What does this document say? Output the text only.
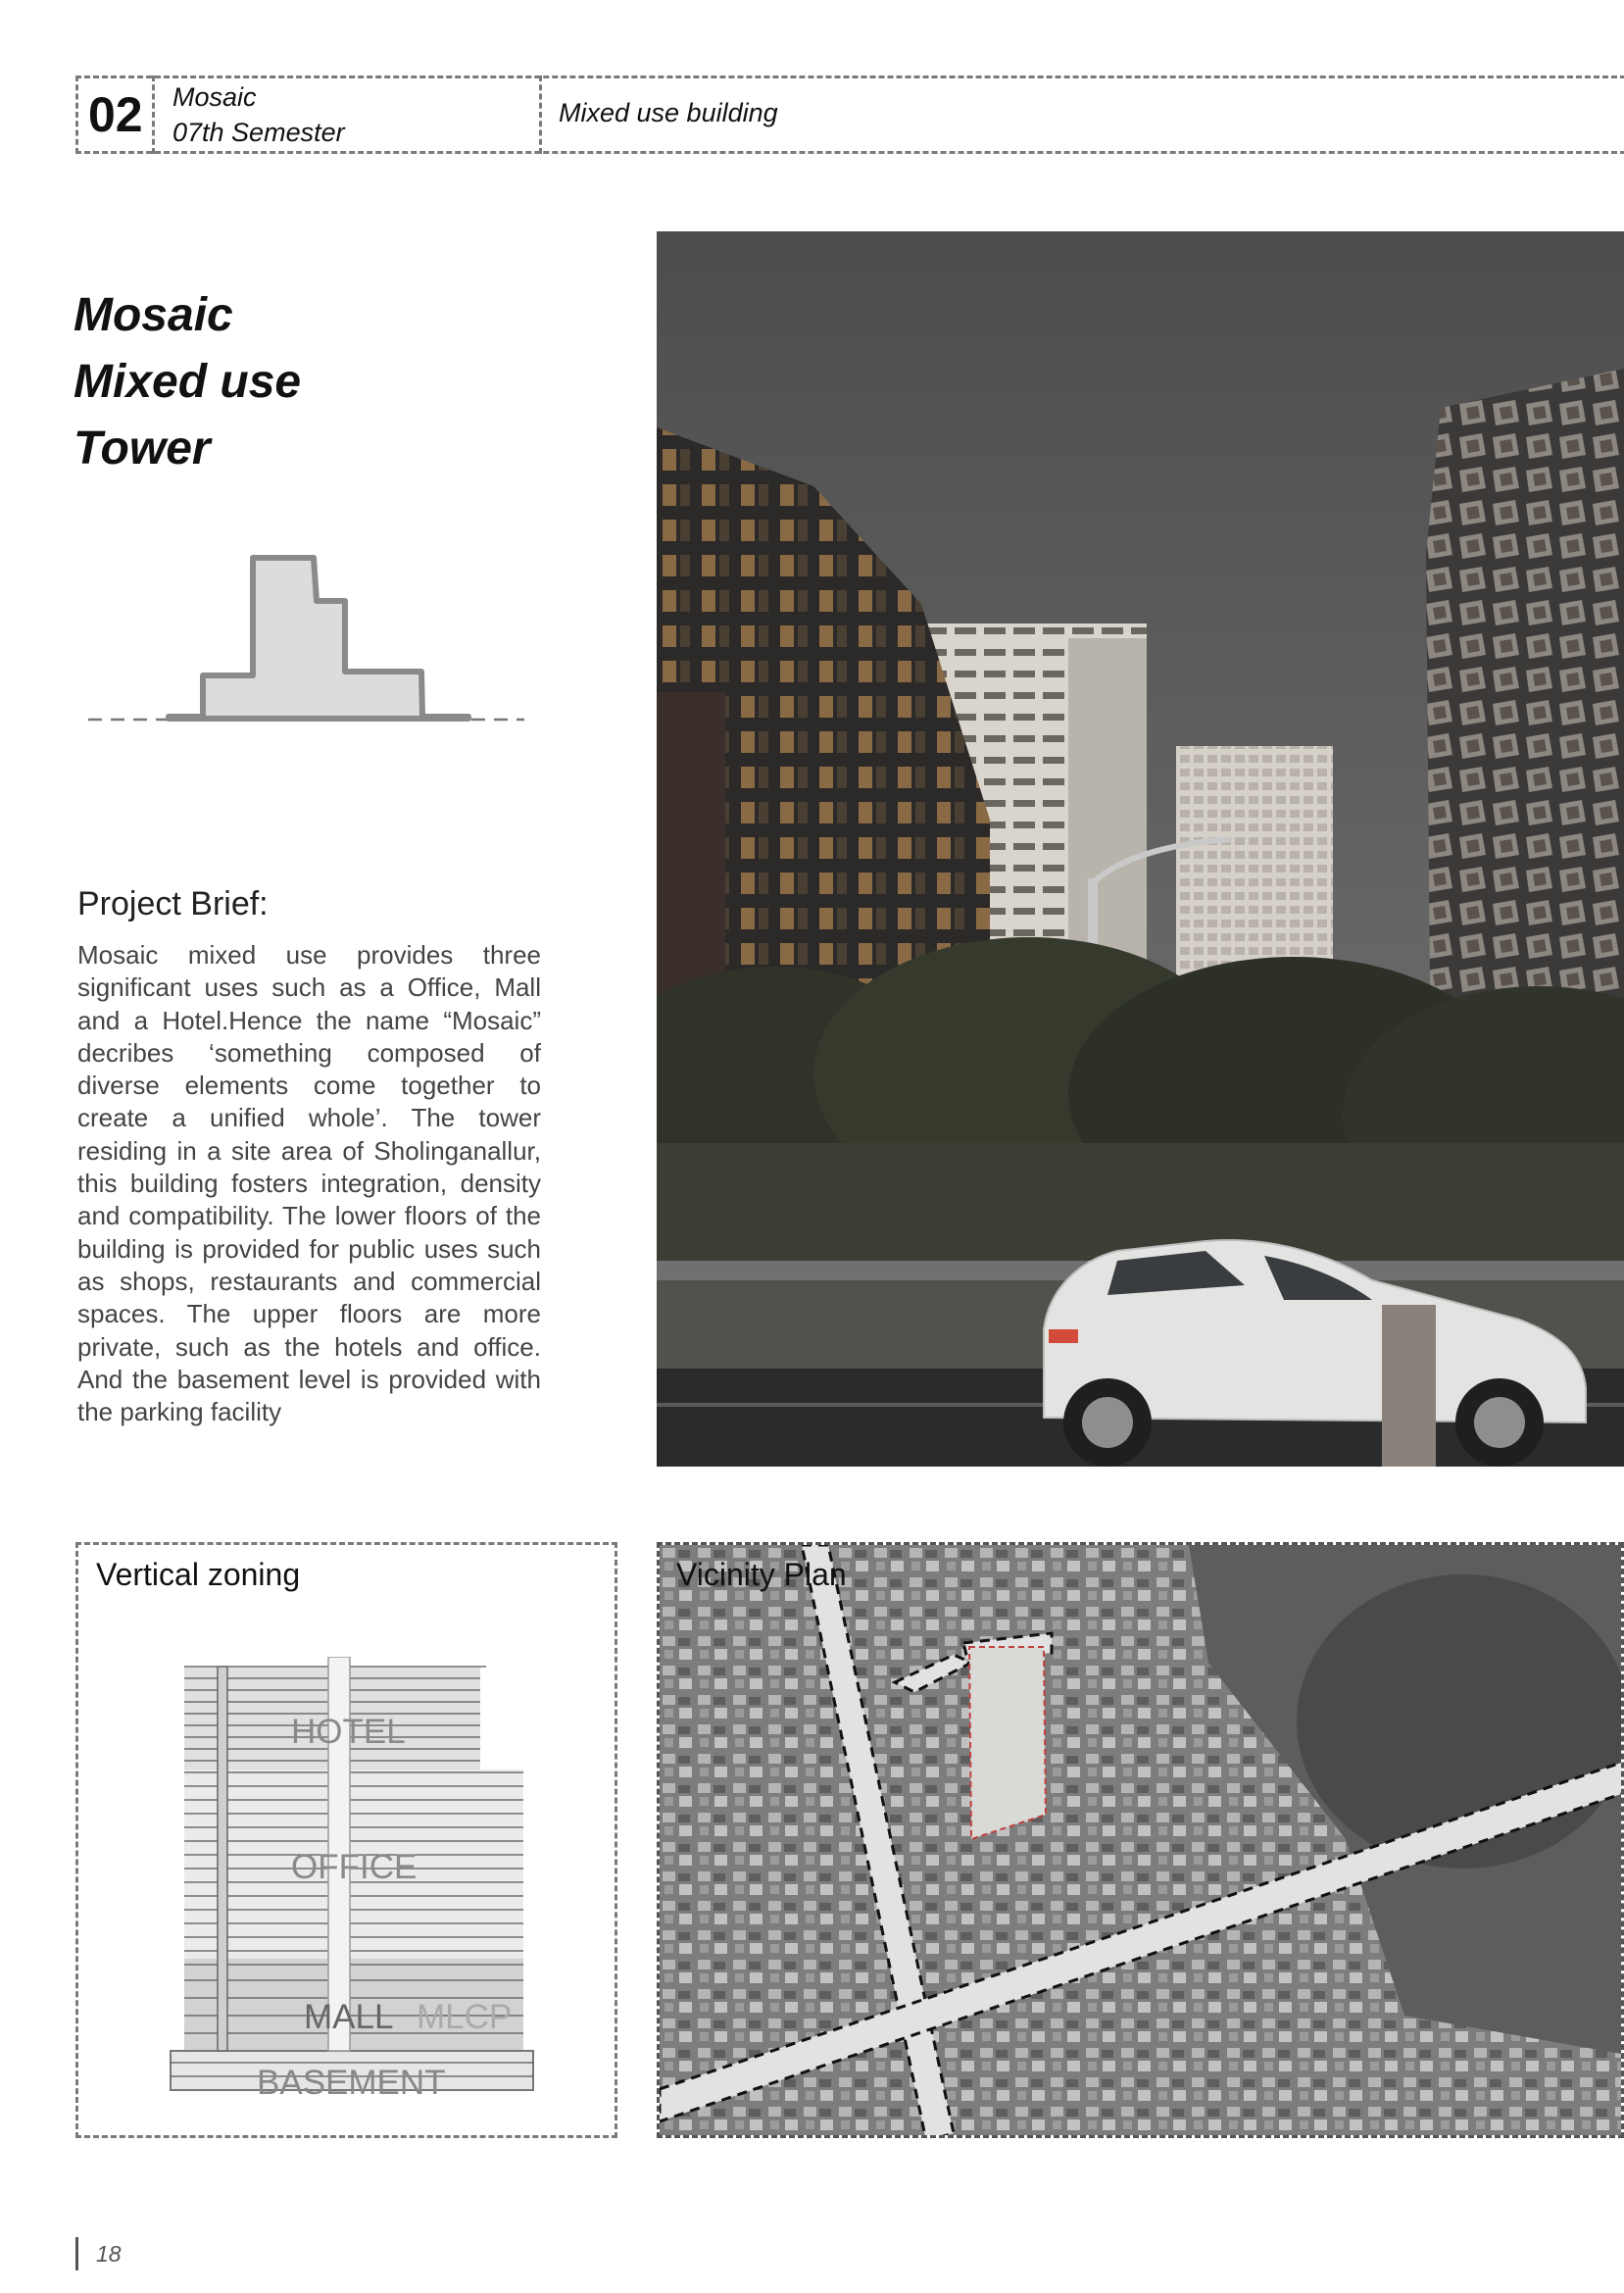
02 Mosaic
07th Semester
Mixed use building
Mosaic
Mixed use
Tower
Project Brief:
Mosaic mixed use provides three significant uses such as a Office, Mall and a Hotel.Hence the name “Mosaic” decribes ‘something composed of diverse elements come together to create a unified whole’. The tower residing in a site area of Sholinganallur, this building fosters integration, density and compatibility. The lower floors of the building is provided for public uses such as shops, restaurants and commercial spaces. The upper floors are more private, such as the hotels and office. And the basement level is provided with the parking facility
Vertical zoning
HOTEL
OFFICE
MALL MLCP
BASEMENT
Vicinity Plan
18
